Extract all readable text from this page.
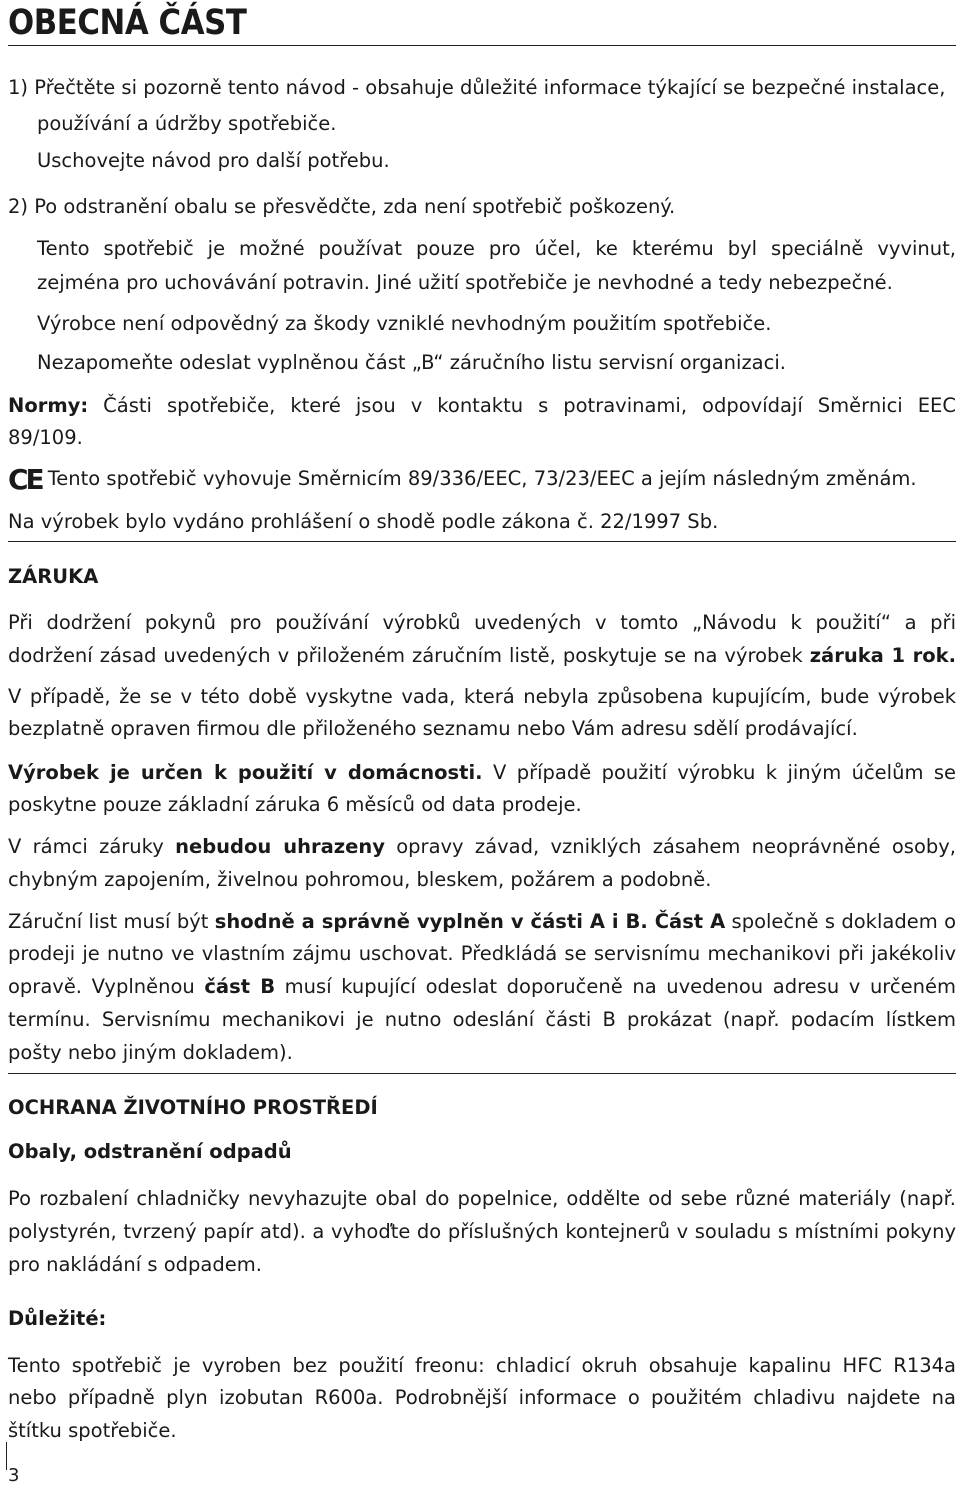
OBECNÁ ČÁST
1) Přečtěte si pozorně tento návod - obsahuje důležité informace týkající se bezpečné instalace,
používání a údržby spotřebiče.
Uschovejte návod pro další potřebu.
2) Po odstranění obalu se přesvědčte, zda není spotřebič poškozený.
Tento spotřebič je možné používat pouze pro účel, ke kterému byl speciálně vyvinut,
zejména pro uchovávání potravin. Jiné užití spotřebiče je nevhodné a tedy nebezpečné.
Výrobce není odpovědný za škody vzniklé nevhodným použitím spotřebiče.
Nezapomeňte odeslat vyplněnou část „B“ záručního listu servisní organizaci.
Normy: Části spotřebiče, které jsou v kontaktu s potravinami, odpovídají Směrnici EEC
89/109.
CE Tento spotřebič vyhovuje Směrnicím 89/336/EEC, 73/23/EEC a jejím následným změnám.
Na výrobek bylo vydáno prohlášení o shodě podle zákona č. 22/1997 Sb.
ZÁRUKA
Při dodržení pokynů pro používání výrobků uvedených v tomto „Návodu k použití“ a při
dodržení zásad uvedených v přiloženém záručním listě, poskytuje se na výrobek záruka 1 rok.
V případě, že se v této době vyskytne vada, která nebyla způsobena kupujícím, bude výrobek
bezplatně opraven firmou dle přiloženého seznamu nebo Vám adresu sdělí prodávající.
Výrobek je určen k použití v domácnosti. V případě použití výrobku k jiným účelům se
poskytne pouze základní záruka 6 měsíců od data prodeje.
V rámci záruky nebudou uhrazeny opravy závad, vzniklých zásahem neoprávněné osoby,
chybným zapojením, živelnou pohromou, bleskem, požárem a podobně.
Záruční list musí být shodně a správně vyplněn v části A i B. Část A společně s dokladem o
prodeji je nutno ve vlastním zájmu uschovat. Předkládá se servisnímu mechanikovi při jakékoliv
opravě. Vyplněnou část B musí kupující odeslat doporučeně na uvedenou adresu v určeném
termínu. Servisnímu mechanikovi je nutno odeslání části B prokázat (např. podacím lístkem
pošty nebo jiným dokladem).
OCHRANA ŽIVOTNÍHO PROSTŘEDÍ
Obaly, odstranění odpadů
Po rozbalení chladničky nevyhazujte obal do popelnice, oddělte od sebe různé materiály (např.
polystyrén, tvrzený papír atd). a vyhoďte do příslušných kontejnerů v souladu s místními pokyny
pro nakládání s odpadem.
Důležité:
Tento spotřebič je vyroben bez použití freonu: chladicí okruh obsahuje kapalinu HFC R134a
nebo případně plyn izobutan R600a. Podrobnější informace o použitém chladivu najdete na
štítku spotřebiče.
3
